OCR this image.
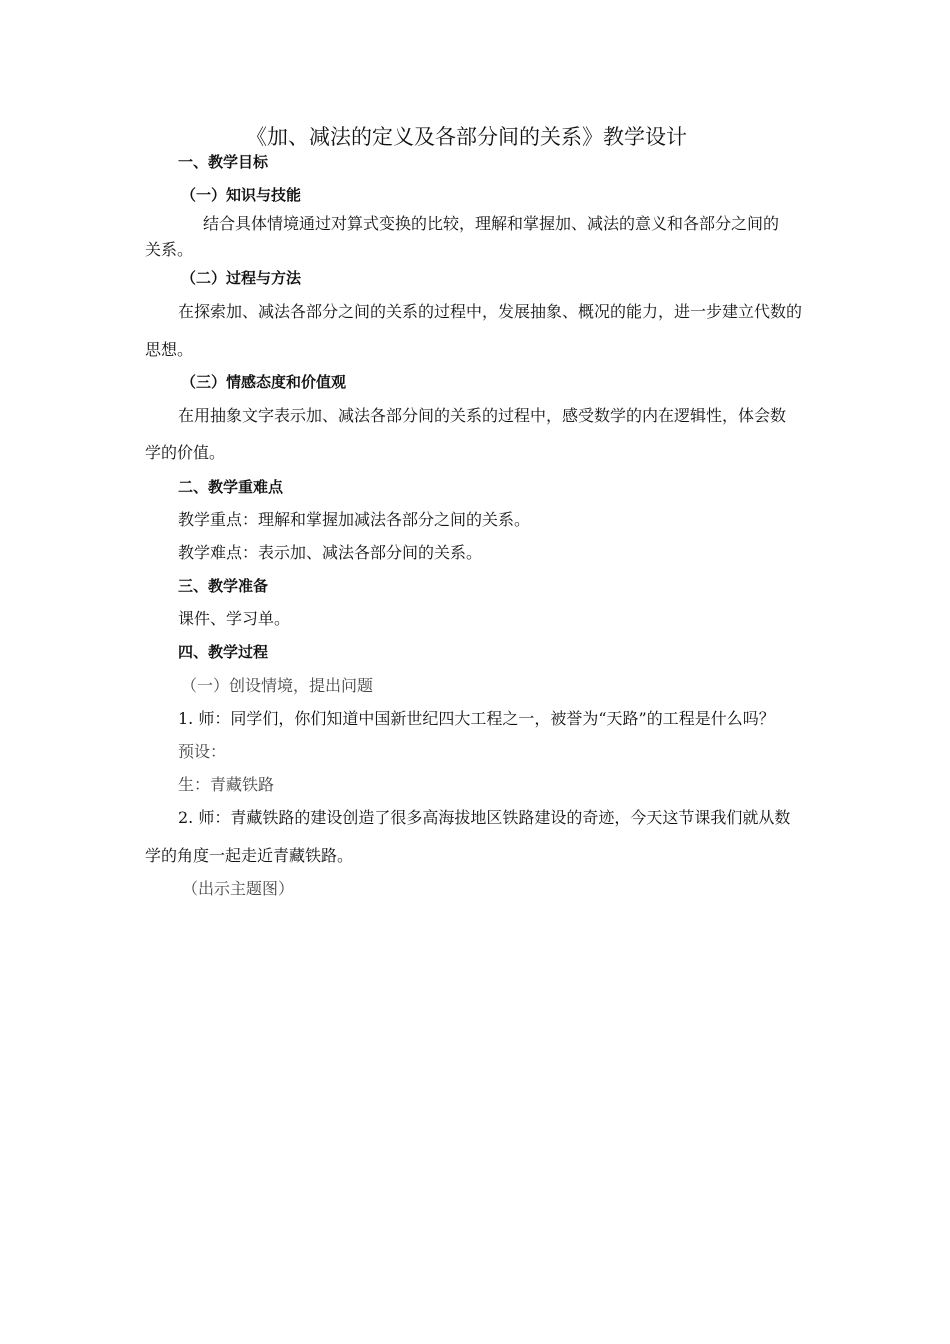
《加、减法的定义及各部分间的关系》教学设计
一、教学目标
（一）知识与技能
结合具体情境通过对算式变换的比较，理解和掌握加、减法的意义和各部分之间的
关系。
（二）过程与方法
在探索加、减法各部分之间的关系的过程中，发展抽象、概况的能力，进一步建立代数的
思想。
（三）情感态度和价值观
在用抽象文字表示加、减法各部分间的关系的过程中，感受数学的内在逻辑性，体会数
学的价值。
二、教学重难点
教学重点：理解和掌握加减法各部分之间的关系。
教学难点：表示加、减法各部分间的关系。
三、教学准备
课件、学习单。
四、教学过程
（一）创设情境，提出问题
1. 师：同学们，你们知道中国新世纪四大工程之一，被誉为“天路”的工程是什么吗？
预设：
生：青藏铁路
2. 师：青藏铁路的建设创造了很多高海拔地区铁路建设的奇迹，今天这节课我们就从数
学的角度一起走近青藏铁路。
（出示主题图）
